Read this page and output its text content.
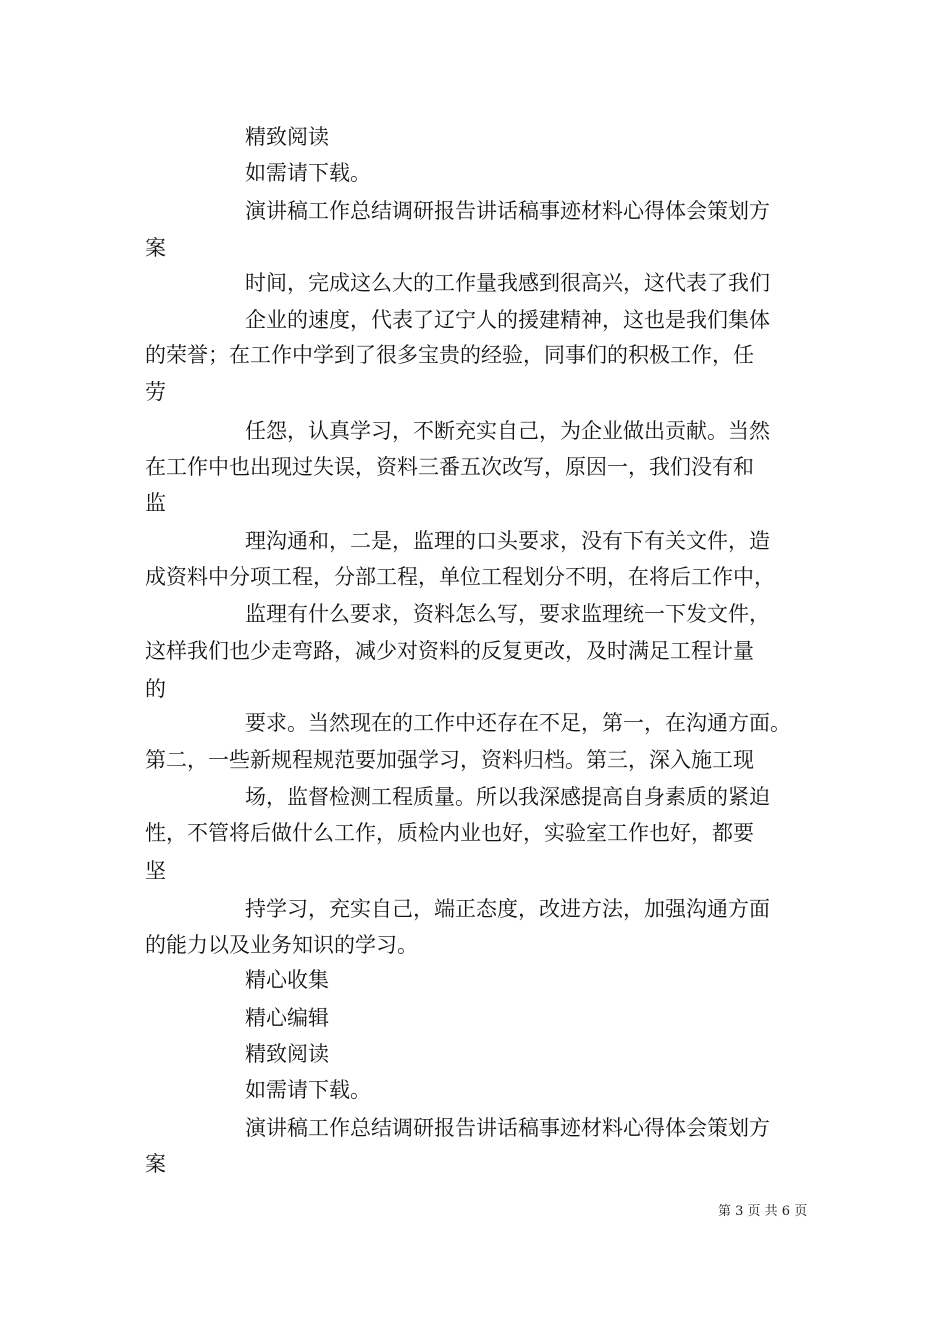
精致阅读
如需请下载。
演讲稿工作总结调研报告讲话稿事迹材料心得体会策划方
案
时间，完成这么大的工作量我感到很高兴，这代表了我们
企业的速度，代表了辽宁人的援建精神，这也是我们集体
的荣誉；在工作中学到了很多宝贵的经验，同事们的积极工作，任
劳
任怨，认真学习，不断充实自己，为企业做出贡献。当然
在工作中也出现过失误，资料三番五次改写，原因一，我们没有和
监
理沟通和，二是，监理的口头要求，没有下有关文件，造
成资料中分项工程，分部工程，单位工程划分不明，在将后工作中，
监理有什么要求，资料怎么写，要求监理统一下发文件，
这样我们也少走弯路，减少对资料的反复更改，及时满足工程计量
的
要求。当然现在的工作中还存在不足，第一，在沟通方面。
第二，一些新规程规范要加强学习，资料归档。第三，深入施工现
场，监督检测工程质量。所以我深感提高自身素质的紧迫
性，不管将后做什么工作，质检内业也好，实验室工作也好，都要
坚
持学习，充实自己，端正态度，改进方法，加强沟通方面
的能力以及业务知识的学习。
精心收集
精心编辑
精致阅读
如需请下载。
演讲稿工作总结调研报告讲话稿事迹材料心得体会策划方
案
第 3 页 共 6 页
